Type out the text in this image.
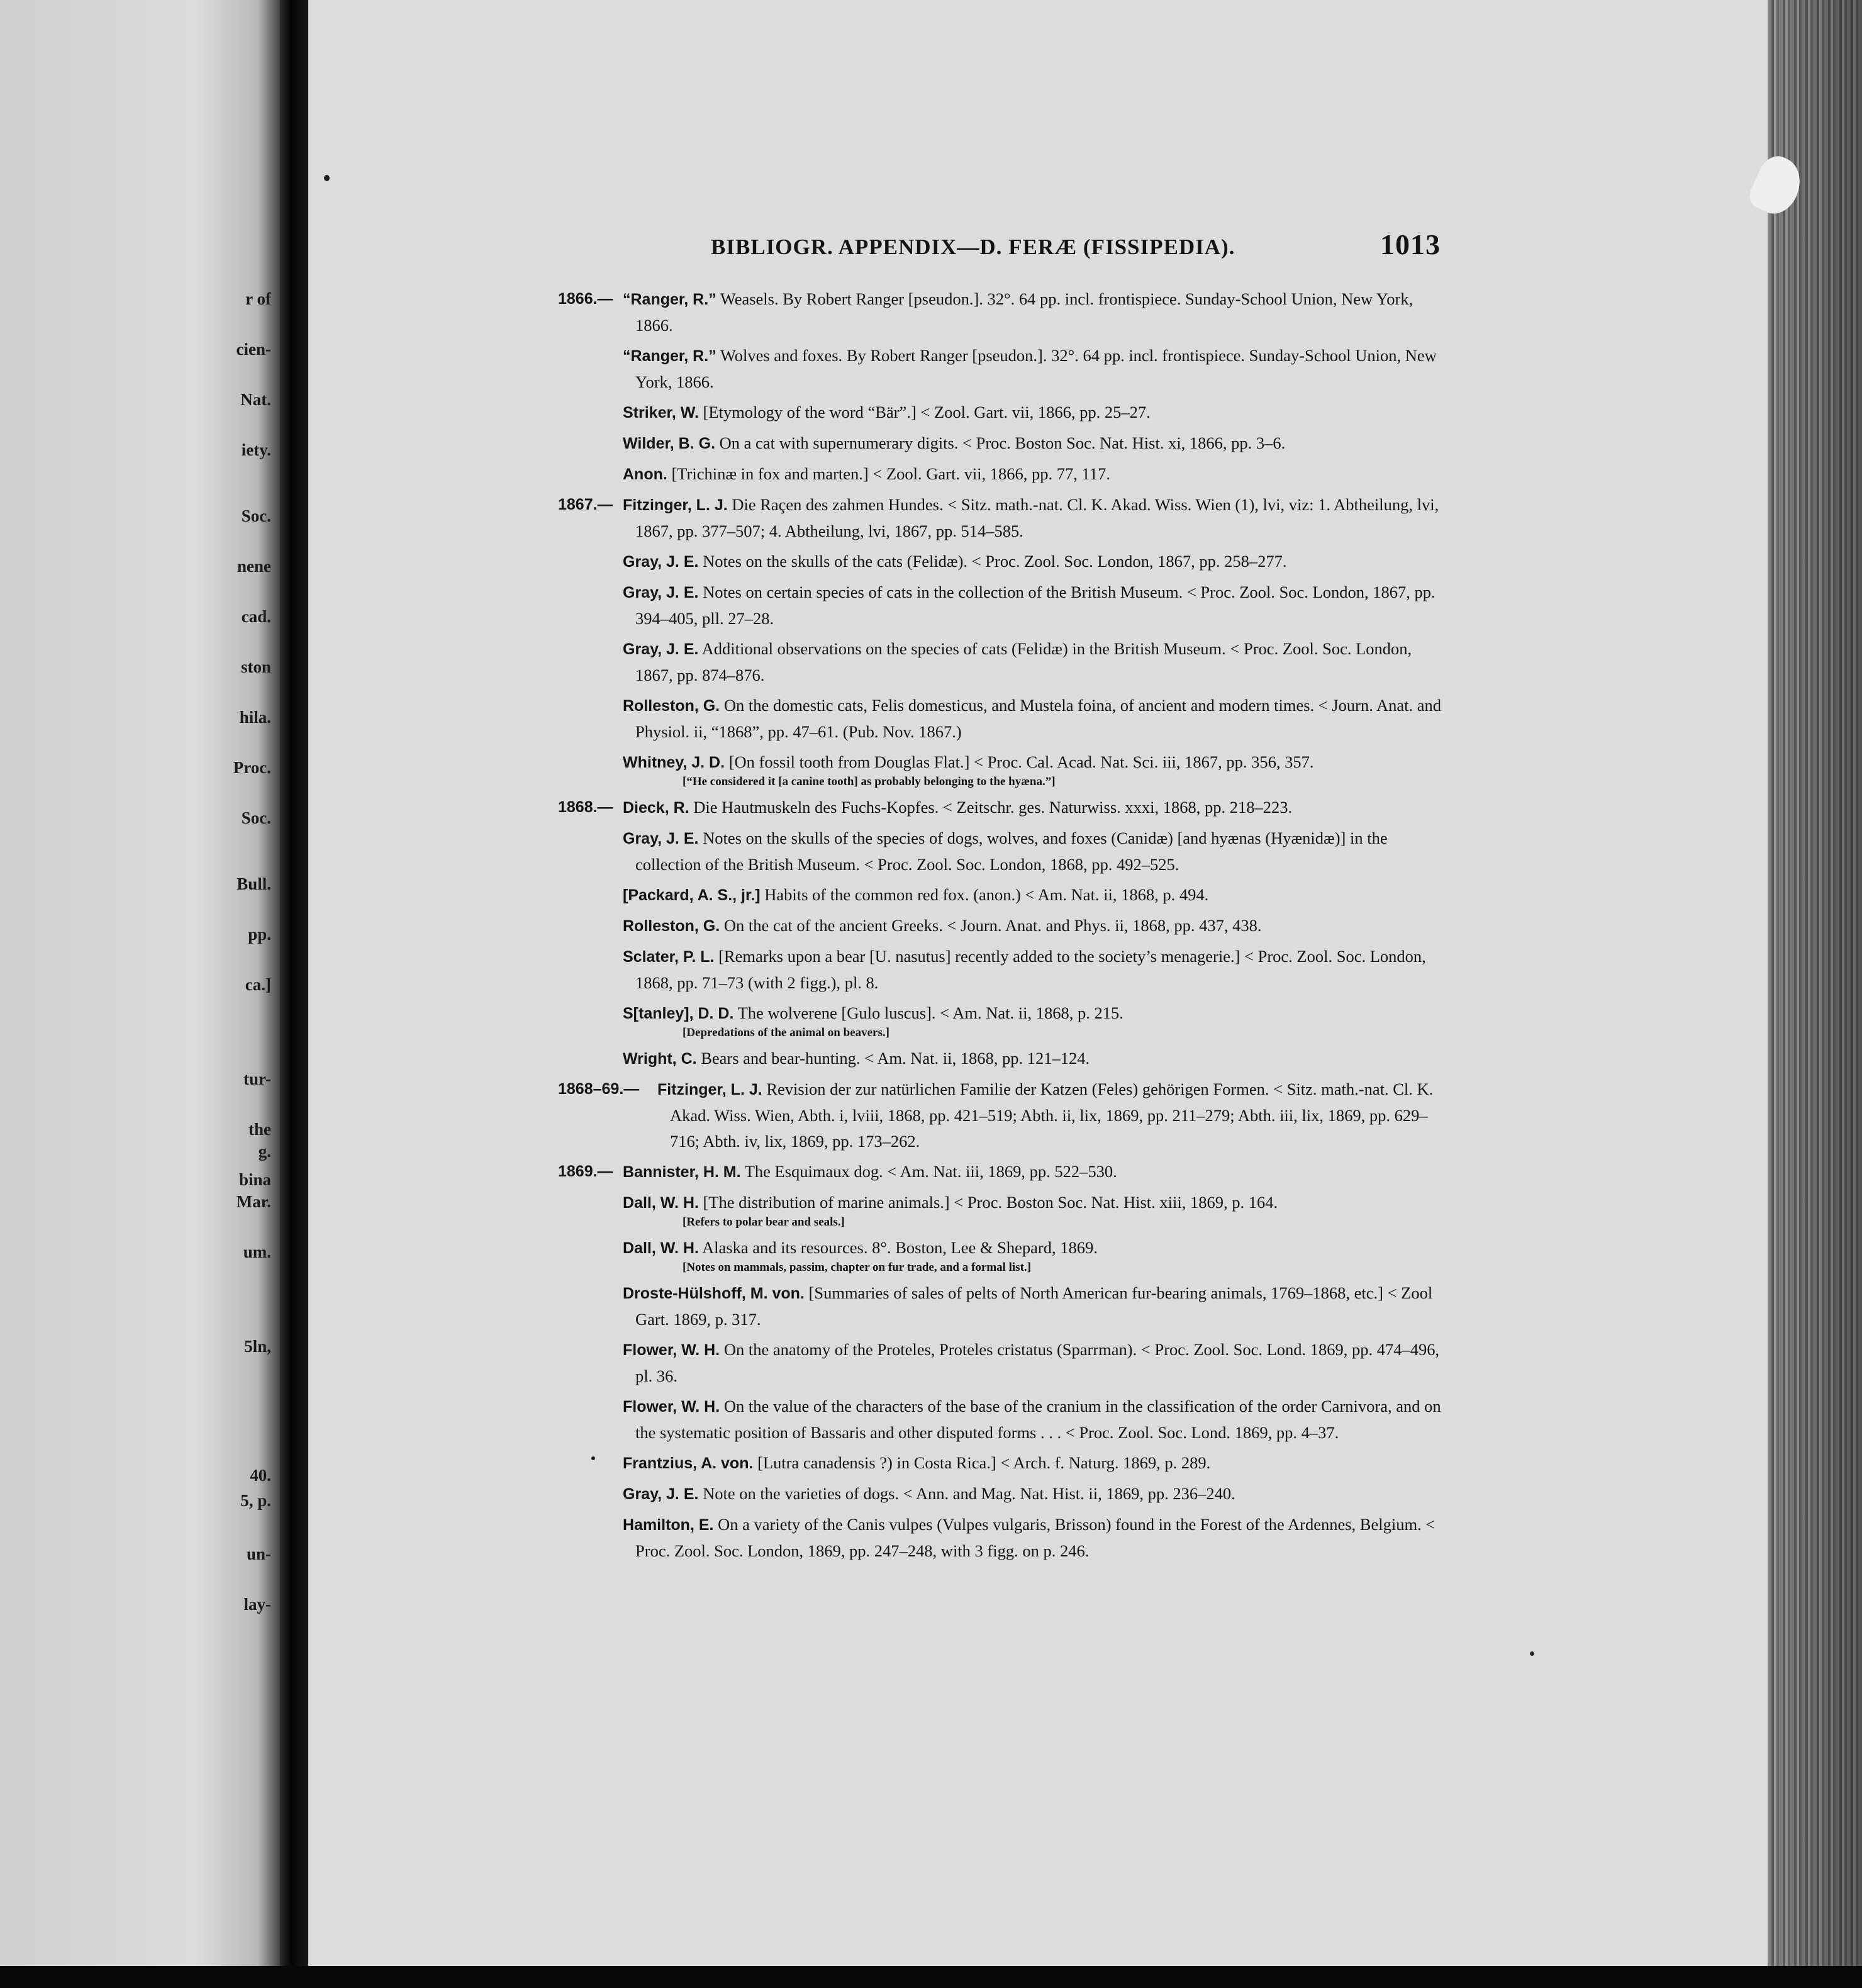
r of
cien-
Nat.
iety.
Soc.
nene
cad.
ston
hila.
Proc.
Soc.
Bull.
pp.
ca.]
tur-
the
g.
bina
Mar.
um.
5ln,
40.
5, p.
un-
lay-
BIBLIOGR. APPENDIX—D. FERÆ (FISSIPEDIA).	1013
1866.— “Ranger, R.” Weasels. By Robert Ranger [pseudon.]. 32°. 64 pp. incl. frontispiece. Sunday-School Union, New York, 1866.
“Ranger, R.” Wolves and foxes. By Robert Ranger [pseudon.]. 32°. 64 pp. incl. frontispiece. Sunday-School Union, New York, 1866.
Striker, W. [Etymology of the word “Bär”.] < Zool. Gart. vii, 1866, pp. 25–27.
Wilder, B. G. On a cat with supernumerary digits. < Proc. Boston Soc. Nat. Hist. xi, 1866, pp. 3–6.
Anon. [Trichinæ in fox and marten.] < Zool. Gart. vii, 1866, pp. 77, 117.
1867.— Fitzinger, L. J. Die Raçen des zahmen Hundes. < Sitz. math.-nat. Cl. K. Akad. Wiss. Wien (1), lvi, viz: 1. Abtheilung, lvi, 1867, pp. 377–507; 4. Abtheilung, lvi, 1867, pp. 514–585.
Gray, J. E. Notes on the skulls of the cats (Felidæ). < Proc. Zool. Soc. London, 1867, pp. 258–277.
Gray, J. E. Notes on certain species of cats in the collection of the British Museum. < Proc. Zool. Soc. London, 1867, pp. 394–405, pll. 27–28.
Gray, J. E. Additional observations on the species of cats (Felidæ) in the British Museum. < Proc. Zool. Soc. London, 1867, pp. 874–876.
Rolleston, G. On the domestic cats, Felis domesticus, and Mustela foina, of ancient and modern times. < Journ. Anat. and Physiol. ii, “1868”, pp. 47–61. (Pub. Nov. 1867.)
Whitney, J. D. [On fossil tooth from Douglas Flat.] < Proc. Cal. Acad. Nat. Sci. iii, 1867, pp. 356, 357.
[“He considered it [a canine tooth] as probably belonging to the hyæna.”]
1868.— Dieck, R. Die Hautmuskeln des Fuchs-Kopfes. < Zeitschr. ges. Naturwiss. xxxi, 1868, pp. 218–223.
Gray, J. E. Notes on the skulls of the species of dogs, wolves, and foxes (Canidæ) [and hyænas (Hyænidæ)] in the collection of the British Museum. < Proc. Zool. Soc. London, 1868, pp. 492–525.
[Packard, A. S., jr.] Habits of the common red fox. (anon.) < Am. Nat. ii, 1868, p. 494.
Rolleston, G. On the cat of the ancient Greeks. < Journ. Anat. and Phys. ii, 1868, pp. 437, 438.
Sclater, P. L. [Remarks upon a bear [U. nasutus] recently added to the society’s menagerie.] < Proc. Zool. Soc. London, 1868, pp. 71–73 (with 2 figg.), pl. 8.
S[tanley], D. D. The wolverene [Gulo luscus]. < Am. Nat. ii, 1868, p. 215.
[Depredations of the animal on beavers.]
Wright, C. Bears and bear-hunting. < Am. Nat. ii, 1868, pp. 121–124.
1868–69.— Fitzinger, L. J. Revision der zur natürlichen Familie der Katzen (Feles) gehörigen Formen. < Sitz. math.-nat. Cl. K. Akad. Wiss. Wien, Abth. i, lviii, 1868, pp. 421–519; Abth. ii, lix, 1869, pp. 211–279; Abth. iii, lix, 1869, pp. 629–716; Abth. iv, lix, 1869, pp. 173–262.
1869.— Bannister, H. M. The Esquimaux dog. < Am. Nat. iii, 1869, pp. 522–530.
Dall, W. H. [The distribution of marine animals.] < Proc. Boston Soc. Nat. Hist. xiii, 1869, p. 164.
[Refers to polar bear and seals.]
Dall, W. H. Alaska and its resources. 8°. Boston, Lee & Shepard, 1869.
[Notes on mammals, passim, chapter on fur trade, and a formal list.]
Droste-Hülshoff, M. von. [Summaries of sales of pelts of North American fur-bearing animals, 1769–1868, etc.] < Zool Gart. 1869, p. 317.
Flower, W. H. On the anatomy of the Proteles, Proteles cristatus (Sparrman). < Proc. Zool. Soc. Lond. 1869, pp. 474–496, pl. 36.
Flower, W. H. On the value of the characters of the base of the cranium in the classification of the order Carnivora, and on the systematic position of Bassaris and other disputed forms . . . < Proc. Zool. Soc. Lond. 1869, pp. 4–37.
Frantzius, A. von. [Lutra canadensis ?) in Costa Rica.] < Arch. f. Naturg. 1869, p. 289.
Gray, J. E. Note on the varieties of dogs. < Ann. and Mag. Nat. Hist. ii, 1869, pp. 236–240.
Hamilton, E. On a variety of the Canis vulpes (Vulpes vulgaris, Brisson) found in the Forest of the Ardennes, Belgium. < Proc. Zool. Soc. London, 1869, pp. 247–248, with 3 figg. on p. 246.
